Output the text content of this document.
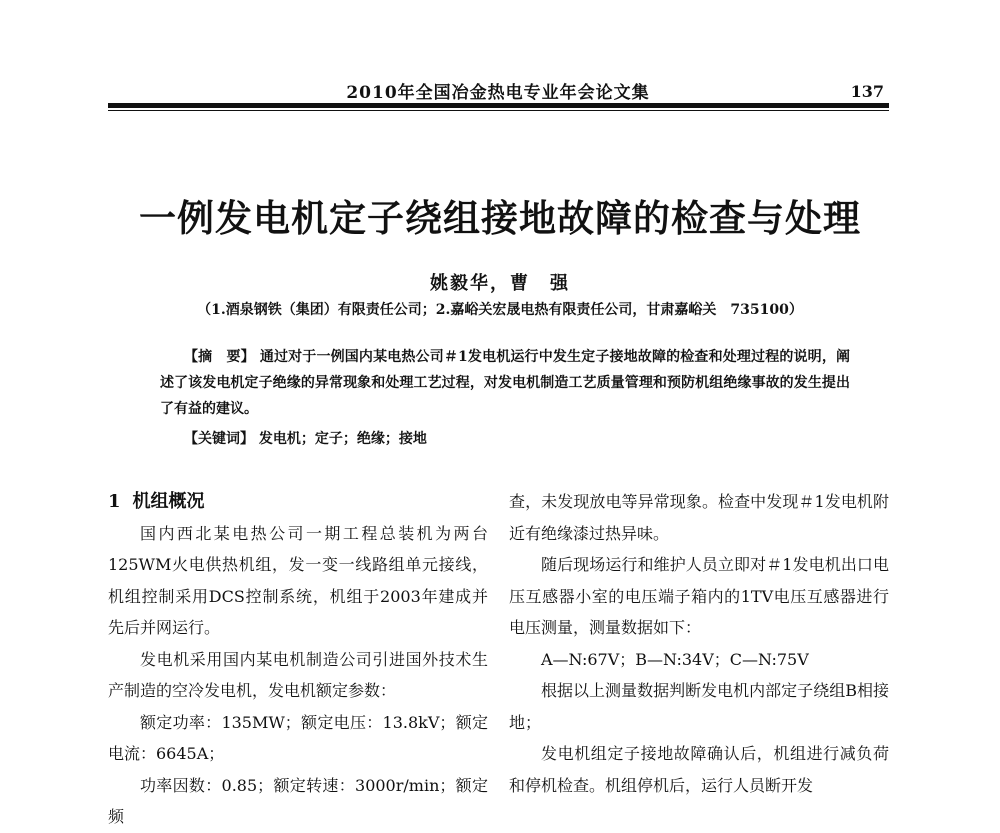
2010年全国冶金热电专业年会论文集	137
一例发电机定子绕组接地故障的检查与处理
姚毅华，曹　强
（1.酒泉钢铁（集团）有限责任公司；2.嘉峪关宏晟电热有限责任公司，甘肃嘉峪关　735100）
【摘　要】 通过对于一例国内某电热公司＃1发电机运行中发生定子接地故障的检查和处理过程的说明，阐述了该发电机定子绝缘的异常现象和处理工艺过程，对发电机制造工艺质量管理和预防机组绝缘事故的发生提出了有益的建议。
【关键词】 发电机；定子；绝缘；接地
1 机组概况

国内西北某电热公司一期工程总装机为两台125WM火电供热机组，发一变一线路组单元接线，机组控制采用DCS控制系统，机组于2003年建成并先后并网运行。

发电机采用国内某电机制造公司引进国外技术生产制造的空冷发电机，发电机额定参数：

额定功率：135MW；额定电压：13.8kV；额定电流：6645A；

功率因数：0.85；额定转速：3000r/min；额定频

查，未发现放电等异常现象。检查中发现＃1发电机附近有绝缘漆过热异味。

随后现场运行和维护人员立即对＃1发电机出口电压互感器小室的电压端子箱内的1TV电压互感器进行电压测量，测量数据如下：

A—N:67V；B—N:34V；C—N:75V

根据以上测量数据判断发电机内部定子绕组B相接地；

发电机组定子接地故障确认后，机组进行减负荷和停机检查。机组停机后，运行人员断开发
